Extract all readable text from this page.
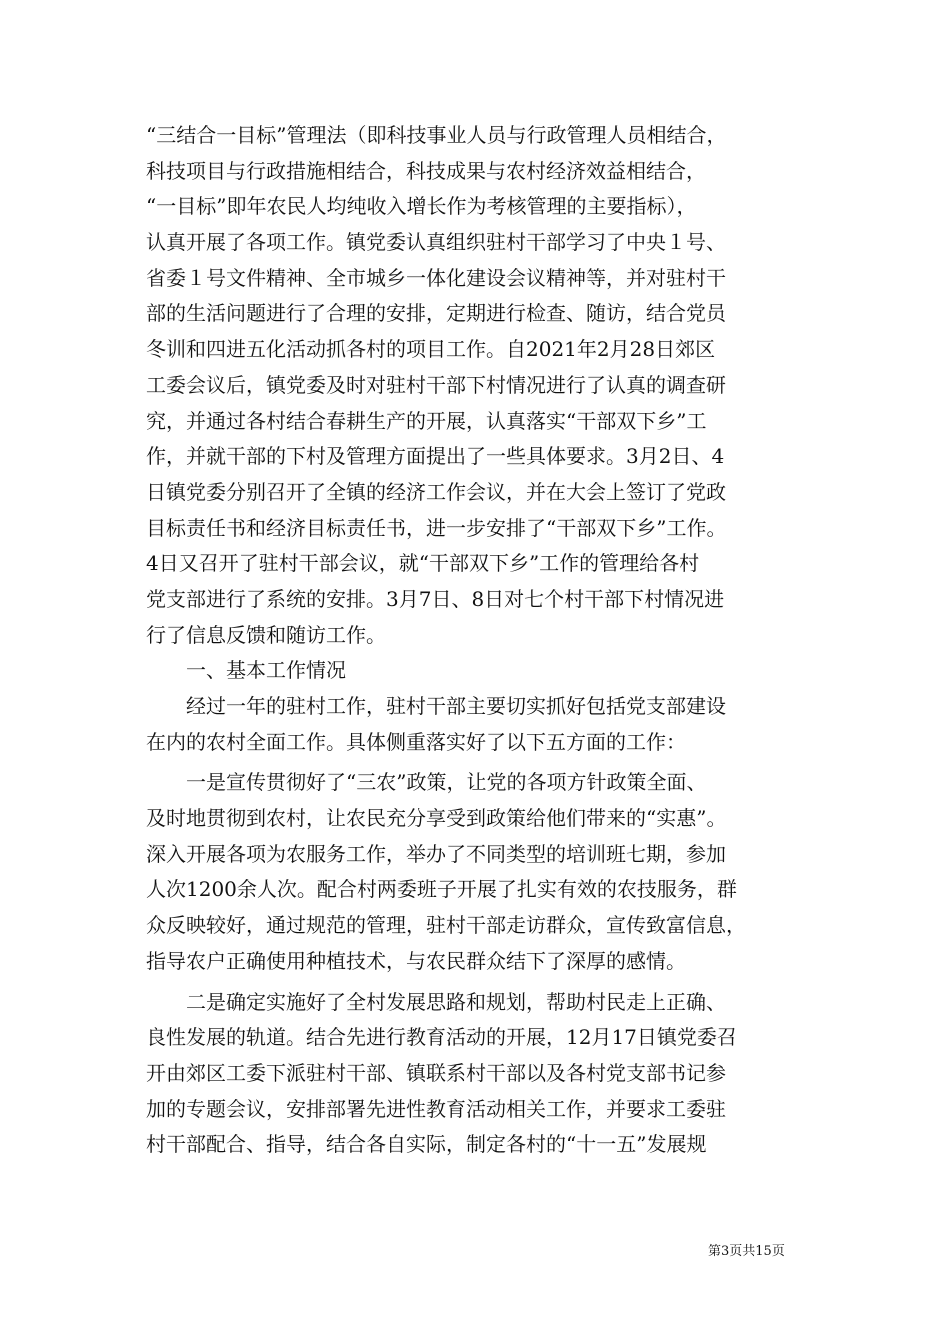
“三结合一目标”管理法（即科技事业人员与行政管理人员相结合，
科技项目与行政措施相结合，科技成果与农村经济效益相结合，
“一目标”即年农民人均纯收入增长作为考核管理的主要指标），
认真开展了各项工作。镇党委认真组织驻村干部学习了中央１号、
省委１号文件精神、全市城乡一体化建设会议精神等，并对驻村干
部的生活问题进行了合理的安排，定期进行检查、随访，结合党员
冬训和四进五化活动抓各村的项目工作。自2021年2月28日郊区
工委会议后，镇党委及时对驻村干部下村情况进行了认真的调查研
究，并通过各村结合春耕生产的开展，认真落实“干部双下乡”工
作，并就干部的下村及管理方面提出了一些具体要求。3月2日、4
日镇党委分别召开了全镇的经济工作会议，并在大会上签订了党政
目标责任书和经济目标责任书，进一步安排了“干部双下乡”工作。
4日又召开了驻村干部会议，就“干部双下乡”工作的管理给各村
党支部进行了系统的安排。3月7日、8日对七个村干部下村情况进
行了信息反馈和随访工作。
　　一、基本工作情况
　　经过一年的驻村工作，驻村干部主要切实抓好包括党支部建设
在内的农村全面工作。具体侧重落实好了以下五方面的工作：
　　一是宣传贯彻好了“三农”政策，让党的各项方针政策全面、
及时地贯彻到农村，让农民充分享受到政策给他们带来的“实惠”。
深入开展各项为农服务工作，举办了不同类型的培训班七期，参加
人次1200余人次。配合村两委班子开展了扎实有效的农技服务，群
众反映较好，通过规范的管理，驻村干部走访群众，宣传致富信息，
指导农户正确使用种植技术，与农民群众结下了深厚的感情。
　　二是确定实施好了全村发展思路和规划，帮助村民走上正确、
良性发展的轨道。结合先进行教育活动的开展，12月17日镇党委召
开由郊区工委下派驻村干部、镇联系村干部以及各村党支部书记参
加的专题会议，安排部署先进性教育活动相关工作，并要求工委驻
村干部配合、指导，结合各自实际，制定各村的“十一五”发展规
第3页共15页
